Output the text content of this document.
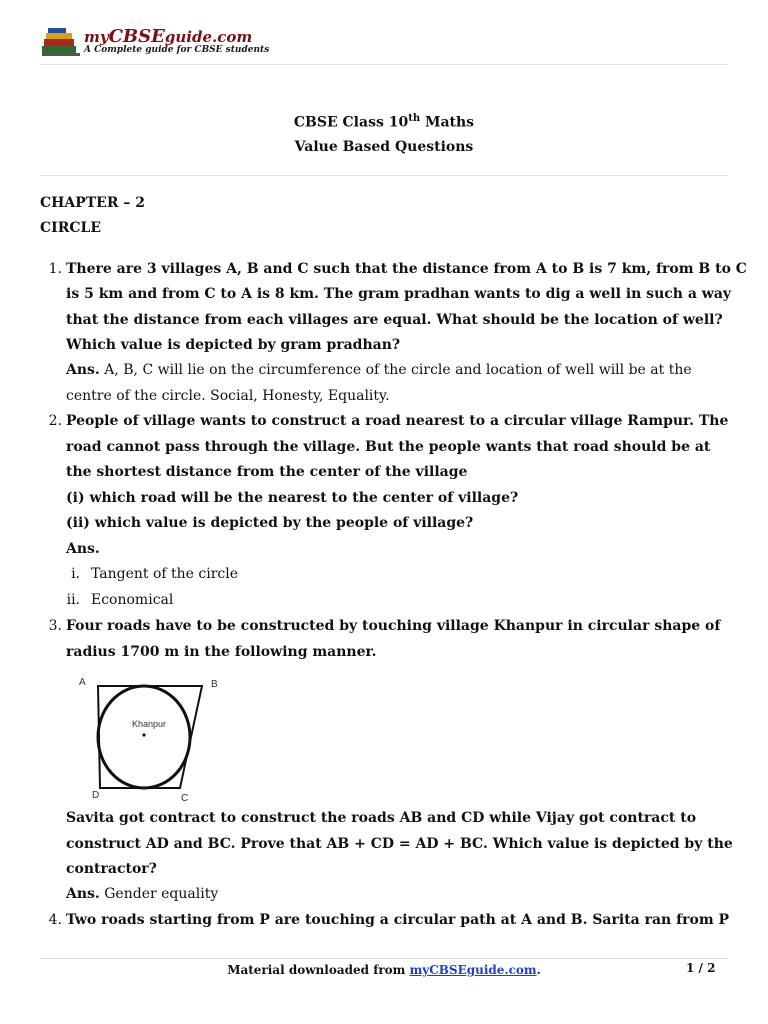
myCBSEguide.com
A Complete guide for CBSE students
CBSE Class 10th Maths
Value Based Questions
CHAPTER – 2
CIRCLE
1. There are 3 villages A, B and C such that the distance from A to B is 7 km, from B to C
is 5 km and from C to A is 8 km. The gram pradhan wants to dig a well in such a way
that the distance from each villages are equal. What should be the location of well?
Which value is depicted by gram pradhan?
Ans. A, B, C will lie on the circumference of the circle and location of well will be at the
centre of the circle. Social, Honesty, Equality.
2. People of village wants to construct a road nearest to a circular village Rampur. The
road cannot pass through the village. But the people wants that road should be at
the shortest distance from the center of the village
(i) which road will be the nearest to the center of village?
(ii) which value is depicted by the people of village?
Ans.
i. Tangent of the circle
ii. Economical
3. Four roads have to be constructed by touching village Khanpur in circular shape of
radius 1700 m in the following manner.
A	B
C
D
Khanpur
Savita got contract to construct the roads AB and CD while Vijay got contract to
construct AD and BC. Prove that AB + CD = AD + BC. Which value is depicted by the
contractor?
Ans. Gender equality
4. Two roads starting from P are touching a circular path at A and B. Sarita ran from P
Material downloaded from myCBSEguide.com.	1 / 2
